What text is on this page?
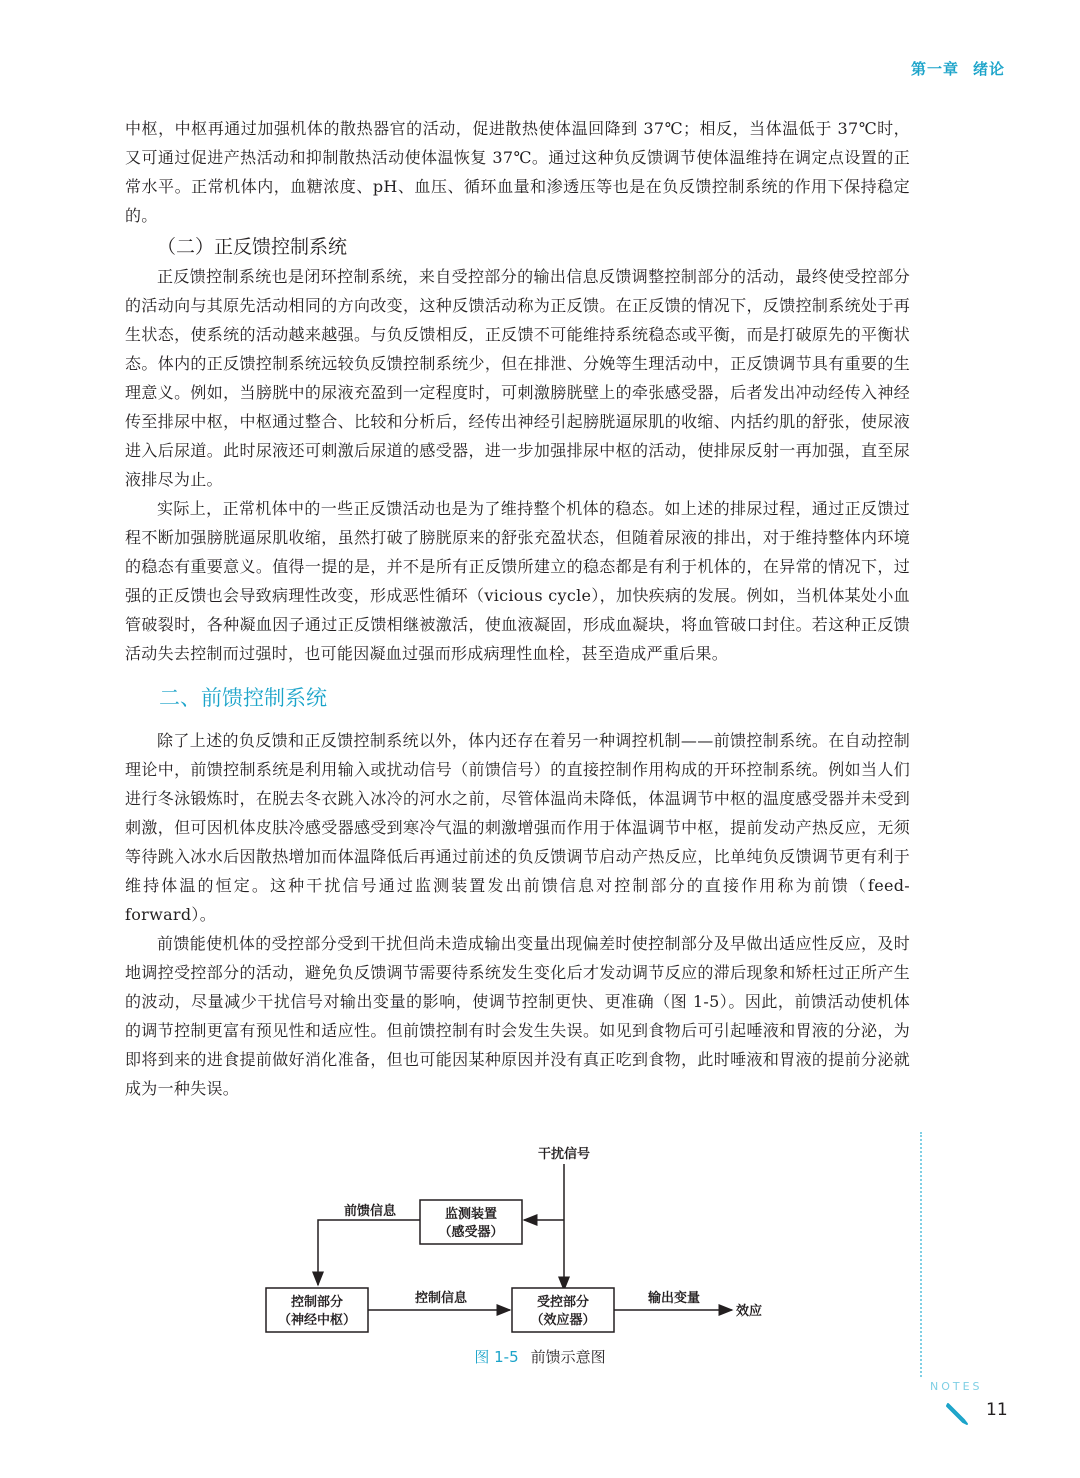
第一章 绪论

中枢，中枢再通过加强机体的散热器官的活动，促进散热使体温回降到 37℃；相反，当体温低于 37℃时，又可通过促进产热活动和抑制散热活动使体温恢复 37℃。通过这种负反馈调节使体温维持在调定点设置的正常水平。正常机体内，血糖浓度、pH、血压、循环血量和渗透压等也是在负反馈控制系统的作用下保持稳定的。

（二）正反馈控制系统

正反馈控制系统也是闭环控制系统，来自受控部分的输出信息反馈调整控制部分的活动，最终使受控部分的活动向与其原先活动相同的方向改变，这种反馈活动称为正反馈。在正反馈的情况下，反馈控制系统处于再生状态，使系统的活动越来越强。与负反馈相反，正反馈不可能维持系统稳态或平衡，而是打破原先的平衡状态。体内的正反馈控制系统远较负反馈控制系统少，但在排泄、分娩等生理活动中，正反馈调节具有重要的生理意义。例如，当膀胱中的尿液充盈到一定程度时，可刺激膀胱壁上的牵张感受器，后者发出冲动经传入神经传至排尿中枢，中枢通过整合、比较和分析后，经传出神经引起膀胱逼尿肌的收缩、内括约肌的舒张，使尿液进入后尿道。此时尿液还可刺激后尿道的感受器，进一步加强排尿中枢的活动，使排尿反射一再加强，直至尿液排尽为止。

实际上，正常机体中的一些正反馈活动也是为了维持整个机体的稳态。如上述的排尿过程，通过正反馈过程不断加强膀胱逼尿肌收缩，虽然打破了膀胱原来的舒张充盈状态，但随着尿液的排出，对于维持整体内环境的稳态有重要意义。值得一提的是，并不是所有正反馈所建立的稳态都是有利于机体的，在异常的情况下，过强的正反馈也会导致病理性改变，形成恶性循环（vicious cycle），加快疾病的发展。例如，当机体某处小血管破裂时，各种凝血因子通过正反馈相继被激活，使血液凝固，形成血凝块，将血管破口封住。若这种正反馈活动失去控制而过强时，也可能因凝血过强而形成病理性血栓，甚至造成严重后果。

二、前馈控制系统

除了上述的负反馈和正反馈控制系统以外，体内还存在着另一种调控机制——前馈控制系统。在自动控制理论中，前馈控制系统是利用输入或扰动信号（前馈信号）的直接控制作用构成的开环控制系统。例如当人们进行冬泳锻炼时，在脱去冬衣跳入冰冷的河水之前，尽管体温尚未降低，体温调节中枢的温度感受器并未受到刺激，但可因机体皮肤冷感受器感受到寒冷气温的刺激增强而作用于体温调节中枢，提前发动产热反应，无须等待跳入冰水后因散热增加而体温降低后再通过前述的负反馈调节启动产热反应，比单纯负反馈调节更有利于维持体温的恒定。这种干扰信号通过监测装置发出前馈信息对控制部分的直接作用称为前馈（feed-forward）。

前馈能使机体的受控部分受到干扰但尚未造成输出变量出现偏差时使控制部分及早做出适应性反应，及时地调控受控部分的活动，避免负反馈调节需要待系统发生变化后才发动调节反应的滞后现象和矫枉过正所产生的波动，尽量减少干扰信号对输出变量的影响，使调节控制更快、更准确（图 1-5）。因此，前馈活动使机体的调节控制更富有预见性和适应性。但前馈控制有时会发生失误。如见到食物后可引起唾液和胃液的分泌，为即将到来的进食提前做好消化准备，但也可能因某种原因并没有真正吃到食物，此时唾液和胃液的提前分泌就成为一种失误。

干扰信号
监测装置
（感受器）
前馈信息
控制部分
（神经中枢）
控制信息	受控部分
（效应器）
输出变量
效应
图 1-5 前馈示意图
NOTES
11
